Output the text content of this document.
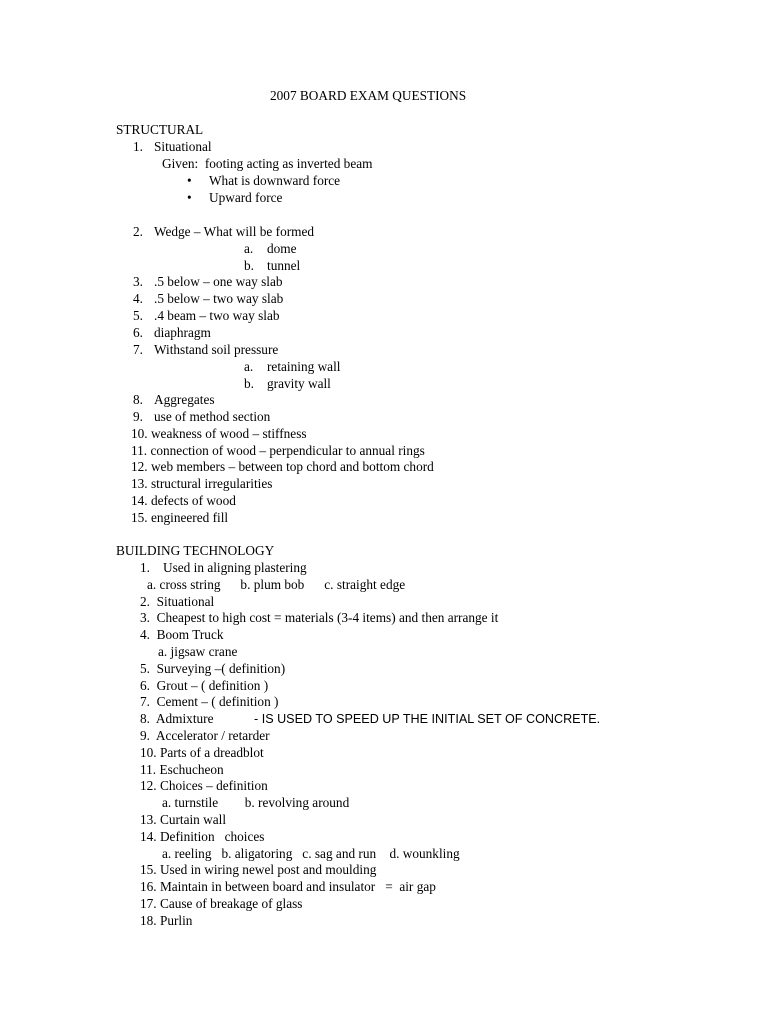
2007 BOARD EXAM QUESTIONS
STRUCTURAL
1. Situational
Given:  footing acting as inverted beam
• What is downward force
• Upward force
2. Wedge – What will be formed
a. dome
b. tunnel
3. .5 below – one way slab
4. .5 below – two way slab
5. .4 beam – two way slab
6. diaphragm
7. Withstand soil pressure
a. retaining wall
b. gravity wall
8. Aggregates
9. use of method section
10. weakness of wood – stiffness
11. connection of wood – perpendicular to annual rings
12. web members – between top chord and bottom chord
13. structural irregularities
14. defects of wood
15. engineered fill
BUILDING TECHNOLOGY
1. Used in aligning plastering
a. cross string      b. plum bob      c. straight edge
2.  Situational
3.  Cheapest to high cost = materials (3-4 items) and then arrange it
4.  Boom Truck
a. jigsaw crane
5.  Surveying –( definition)
6.  Grout – ( definition )
7.  Cement – ( definition )
8.  Admixture	- IS USED TO SPEED UP THE INITIAL SET OF CONCRETE.
9.  Accelerator / retarder
10. Parts of a dreadblot
11. Eschucheon
12. Choices – definition
a. turnstile        b. revolving around
13. Curtain wall
14. Definition   choices
a. reeling   b. aligatoring   c. sag and run    d. wounkling
15. Used in wiring newel post and moulding
16. Maintain in between board and insulator   =  air gap
17. Cause of breakage of glass
18. Purlin
